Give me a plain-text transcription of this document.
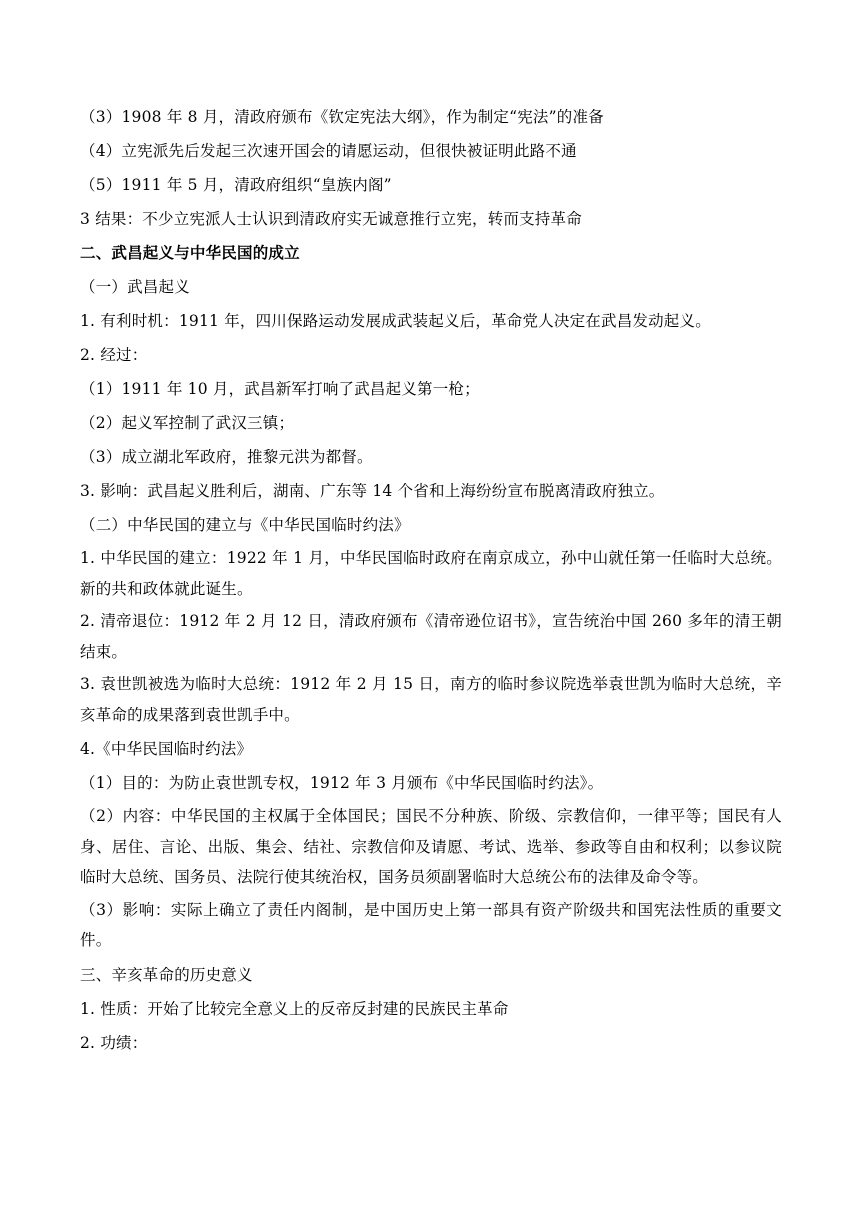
（3）1908 年 8 月，清政府颁布《钦定宪法大纲》，作为制定“宪法”的准备

（4）立宪派先后发起三次速开国会的请愿运动，但很快被证明此路不通

（5）1911 年 5 月，清政府组织“皇族内阁”

3 结果：不少立宪派人士认识到清政府实无诚意推行立宪，转而支持革命

二、武昌起义与中华民国的成立

（一）武昌起义

1. 有利时机：1911 年，四川保路运动发展成武装起义后，革命党人决定在武昌发动起义。

2. 经过：

（1）1911 年 10 月，武昌新军打响了武昌起义第一枪；

（2）起义军控制了武汉三镇；

（3）成立湖北军政府，推黎元洪为都督。

3. 影响：武昌起义胜利后，湖南、广东等 14 个省和上海纷纷宣布脱离清政府独立。

（二）中华民国的建立与《中华民国临时约法》

1. 中华民国的建立：1922 年 1 月，中华民国临时政府在南京成立，孙中山就任第一任临时大总统。新的共和政体就此诞生。

2. 清帝退位：1912 年 2 月 12 日，清政府颁布《清帝逊位诏书》，宣告统治中国 260 多年的清王朝结束。

3. 袁世凯被选为临时大总统：1912 年 2 月 15 日，南方的临时参议院选举袁世凯为临时大总统，辛亥革命的成果落到袁世凯手中。

4.《中华民国临时约法》

（1）目的：为防止袁世凯专权，1912 年 3 月颁布《中华民国临时约法》。

（2）内容：中华民国的主权属于全体国民；国民不分种族、阶级、宗教信仰，一律平等；国民有人身、居住、言论、出版、集会、结社、宗教信仰及请愿、考试、选举、参政等自由和权利；以参议院临时大总统、国务员、法院行使其统治权，国务员须副署临时大总统公布的法律及命令等。

（3）影响：实际上确立了责任内阁制，是中国历史上第一部具有资产阶级共和国宪法性质的重要文件。

三、辛亥革命的历史意义

1. 性质：开始了比较完全意义上的反帝反封建的民族民主革命

2. 功绩：
